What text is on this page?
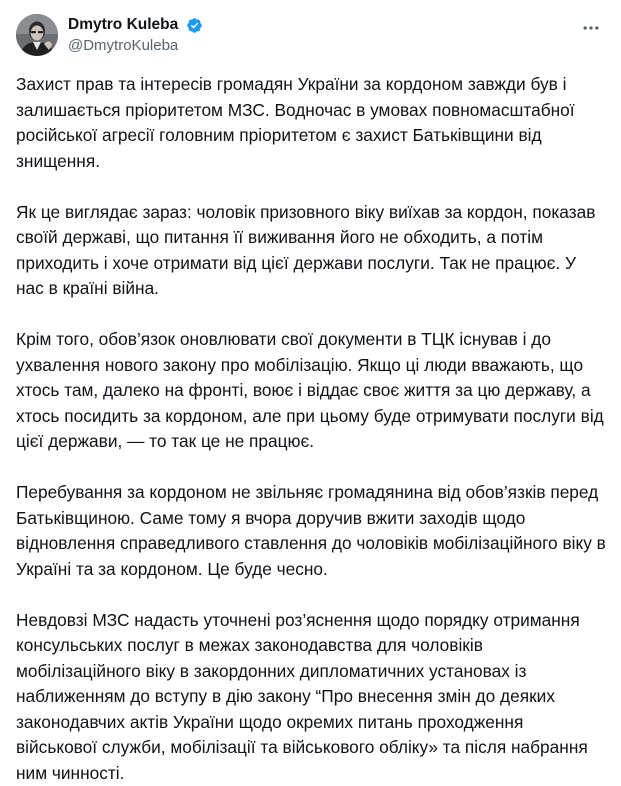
Dmytro Kuleba
@DmytroKuleba

Захист прав та інтересів громадян України за кордоном завжди був і залишається пріоритетом МЗС. Водночас в умовах повномасштабної російської агресії головним пріоритетом є захист Батьківщини від знищення.

Як це виглядає зараз: чоловік призовного віку виїхав за кордон, показав своїй державі, що питання її виживання його не обходить, а потім приходить і хоче отримати від цієї держави послуги. Так не працює. У нас в країні війна.

Крім того, обов’язок оновлювати свої документи в ТЦК існував і до ухвалення нового закону про мобілізацію. Якщо ці люди вважають, що хтось там, далеко на фронті, воює і віддає своє життя за цю державу, а хтось посидить за кордоном, але при цьому буде отримувати послуги від цієї держави, — то так це не працює.

Перебування за кордоном не звільняє громадянина від обов’язків перед Батьківщиною. Саме тому я вчора доручив вжити заходів щодо відновлення справедливого ставлення до чоловіків мобілізаційного віку в Україні та за кордоном. Це буде чесно.

Невдовзі МЗС надасть уточнені роз’яснення щодо порядку отримання консульських послуг в межах законодавства для чоловіків мобілізаційного віку в закордонних дипломатичних установах із наближенням до вступу в дію закону “Про внесення змін до деяких законодавчих актів України щодо окремих питань проходження військової служби, мобілізації та військового обліку» та після набрання ним чинності.
